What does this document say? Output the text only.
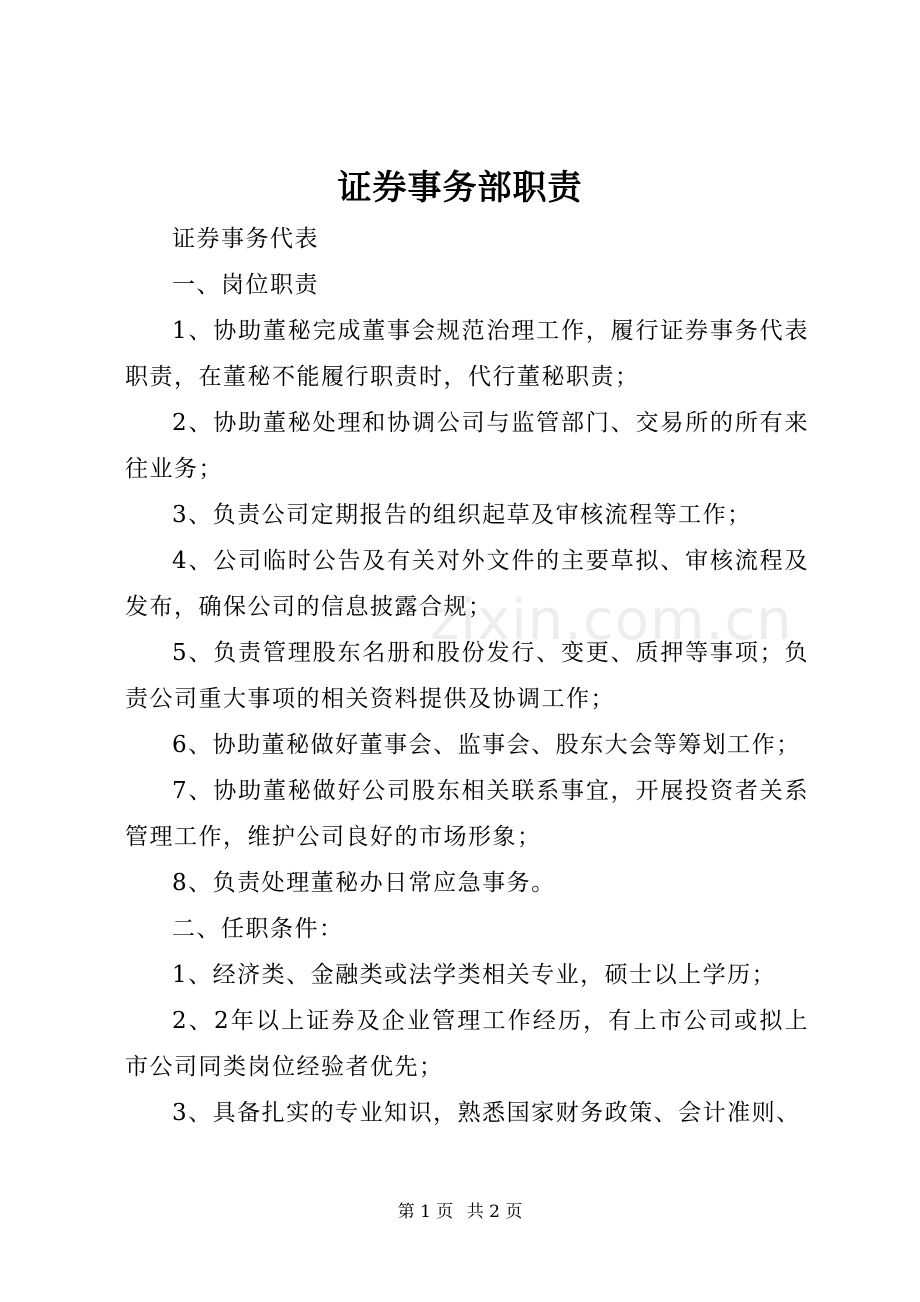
证券事务部职责

证券事务代表

一、岗位职责

1、协助董秘完成董事会规范治理工作，履行证券事务代表职责，在董秘不能履行职责时，代行董秘职责；

2、协助董秘处理和协调公司与监管部门、交易所的所有来往业务；

3、负责公司定期报告的组织起草及审核流程等工作；

4、公司临时公告及有关对外文件的主要草拟、审核流程及发布，确保公司的信息披露合规；

5、负责管理股东名册和股份发行、变更、质押等事项；负责公司重大事项的相关资料提供及协调工作；

6、协助董秘做好董事会、监事会、股东大会等筹划工作；

7、协助董秘做好公司股东相关联系事宜，开展投资者关系管理工作，维护公司良好的市场形象；

8、负责处理董秘办日常应急事务。

二、任职条件：

1、经济类、金融类或法学类相关专业，硕士以上学历；

2、2年以上证券及企业管理工作经历，有上市公司或拟上市公司同类岗位经验者优先；

3、具备扎实的专业知识，熟悉国家财务政策、会计准则、

zixin.com.cn
第 1 页 共 2 页
